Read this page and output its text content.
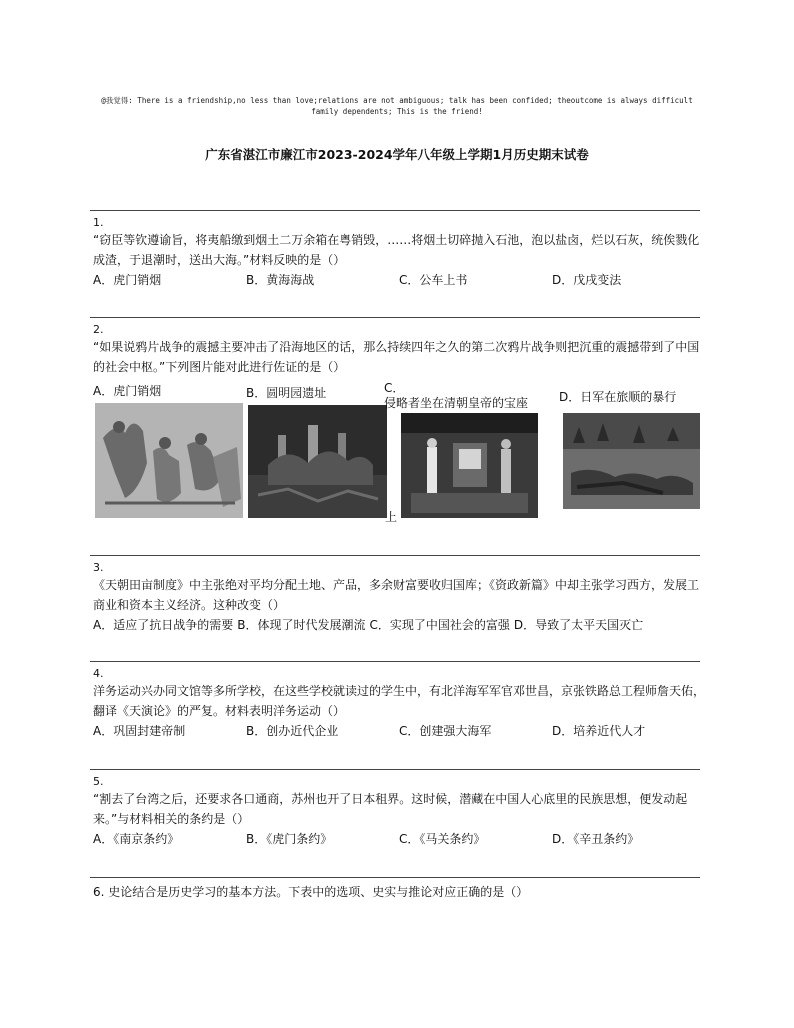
@我觉得: There is a friendship,no less than love;relations are not ambiguous; talk has been confided; theoutcome is always difficult family dependents; This is the friend!
广东省湛江市廉江市2023-2024学年八年级上学期1月历史期末试卷
1.
“窃臣等钦遵谕旨，将夷船缴到烟土二万余箱在粤销毁，……将烟土切碎抛入石池，泡以盐卤，烂以石灰，统俟戮化成渣，于退潮时，送出大海。”材料反映的是（）
A．虎门销烟	B．黄海海战	C．公车上书	D．戊戌变法
2.
“如果说鸦片战争的震撼主要冲击了沿海地区的话，那么持续四年之久的第二次鸦片战争则把沉重的震撼带到了中国的社会中枢。”下列图片能对此进行佐证的是（）
A．虎门销烟	B．圆明园遗址	C．
侵略者坐在清朝皇帝的宝座
上
D．日军在旅顺的暴行
3.
《天朝田亩制度》中主张绝对平均分配土地、产品，多余财富要收归国库；《资政新篇》中却主张学习西方，发展工商业和资本主义经济。这种改变（）
A．适应了抗日战争的需要 B．体现了时代发展潮流 C．实现了中国社会的富强 D．导致了太平天国灭亡
4.
洋务运动兴办同文馆等多所学校，在这些学校就读过的学生中，有北洋海军军官邓世昌，京张铁路总工程师詹天佑，翻译《天演论》的严复。材料表明洋务运动（）
A．巩固封建帝制	B．创办近代企业	C．创建强大海军	D．培养近代人才
5.
“割去了台湾之后，还要求各口通商，苏州也开了日本租界。这时候，潜藏在中国人心底里的民族思想，便发动起来。”与材料相关的条约是（）
A．《南京条约》	B．《虎门条约》	C．《马关条约》	D．《辛丑条约》
6. 史论结合是历史学习的基本方法。下表中的选项、史实与推论对应正确的是（）
